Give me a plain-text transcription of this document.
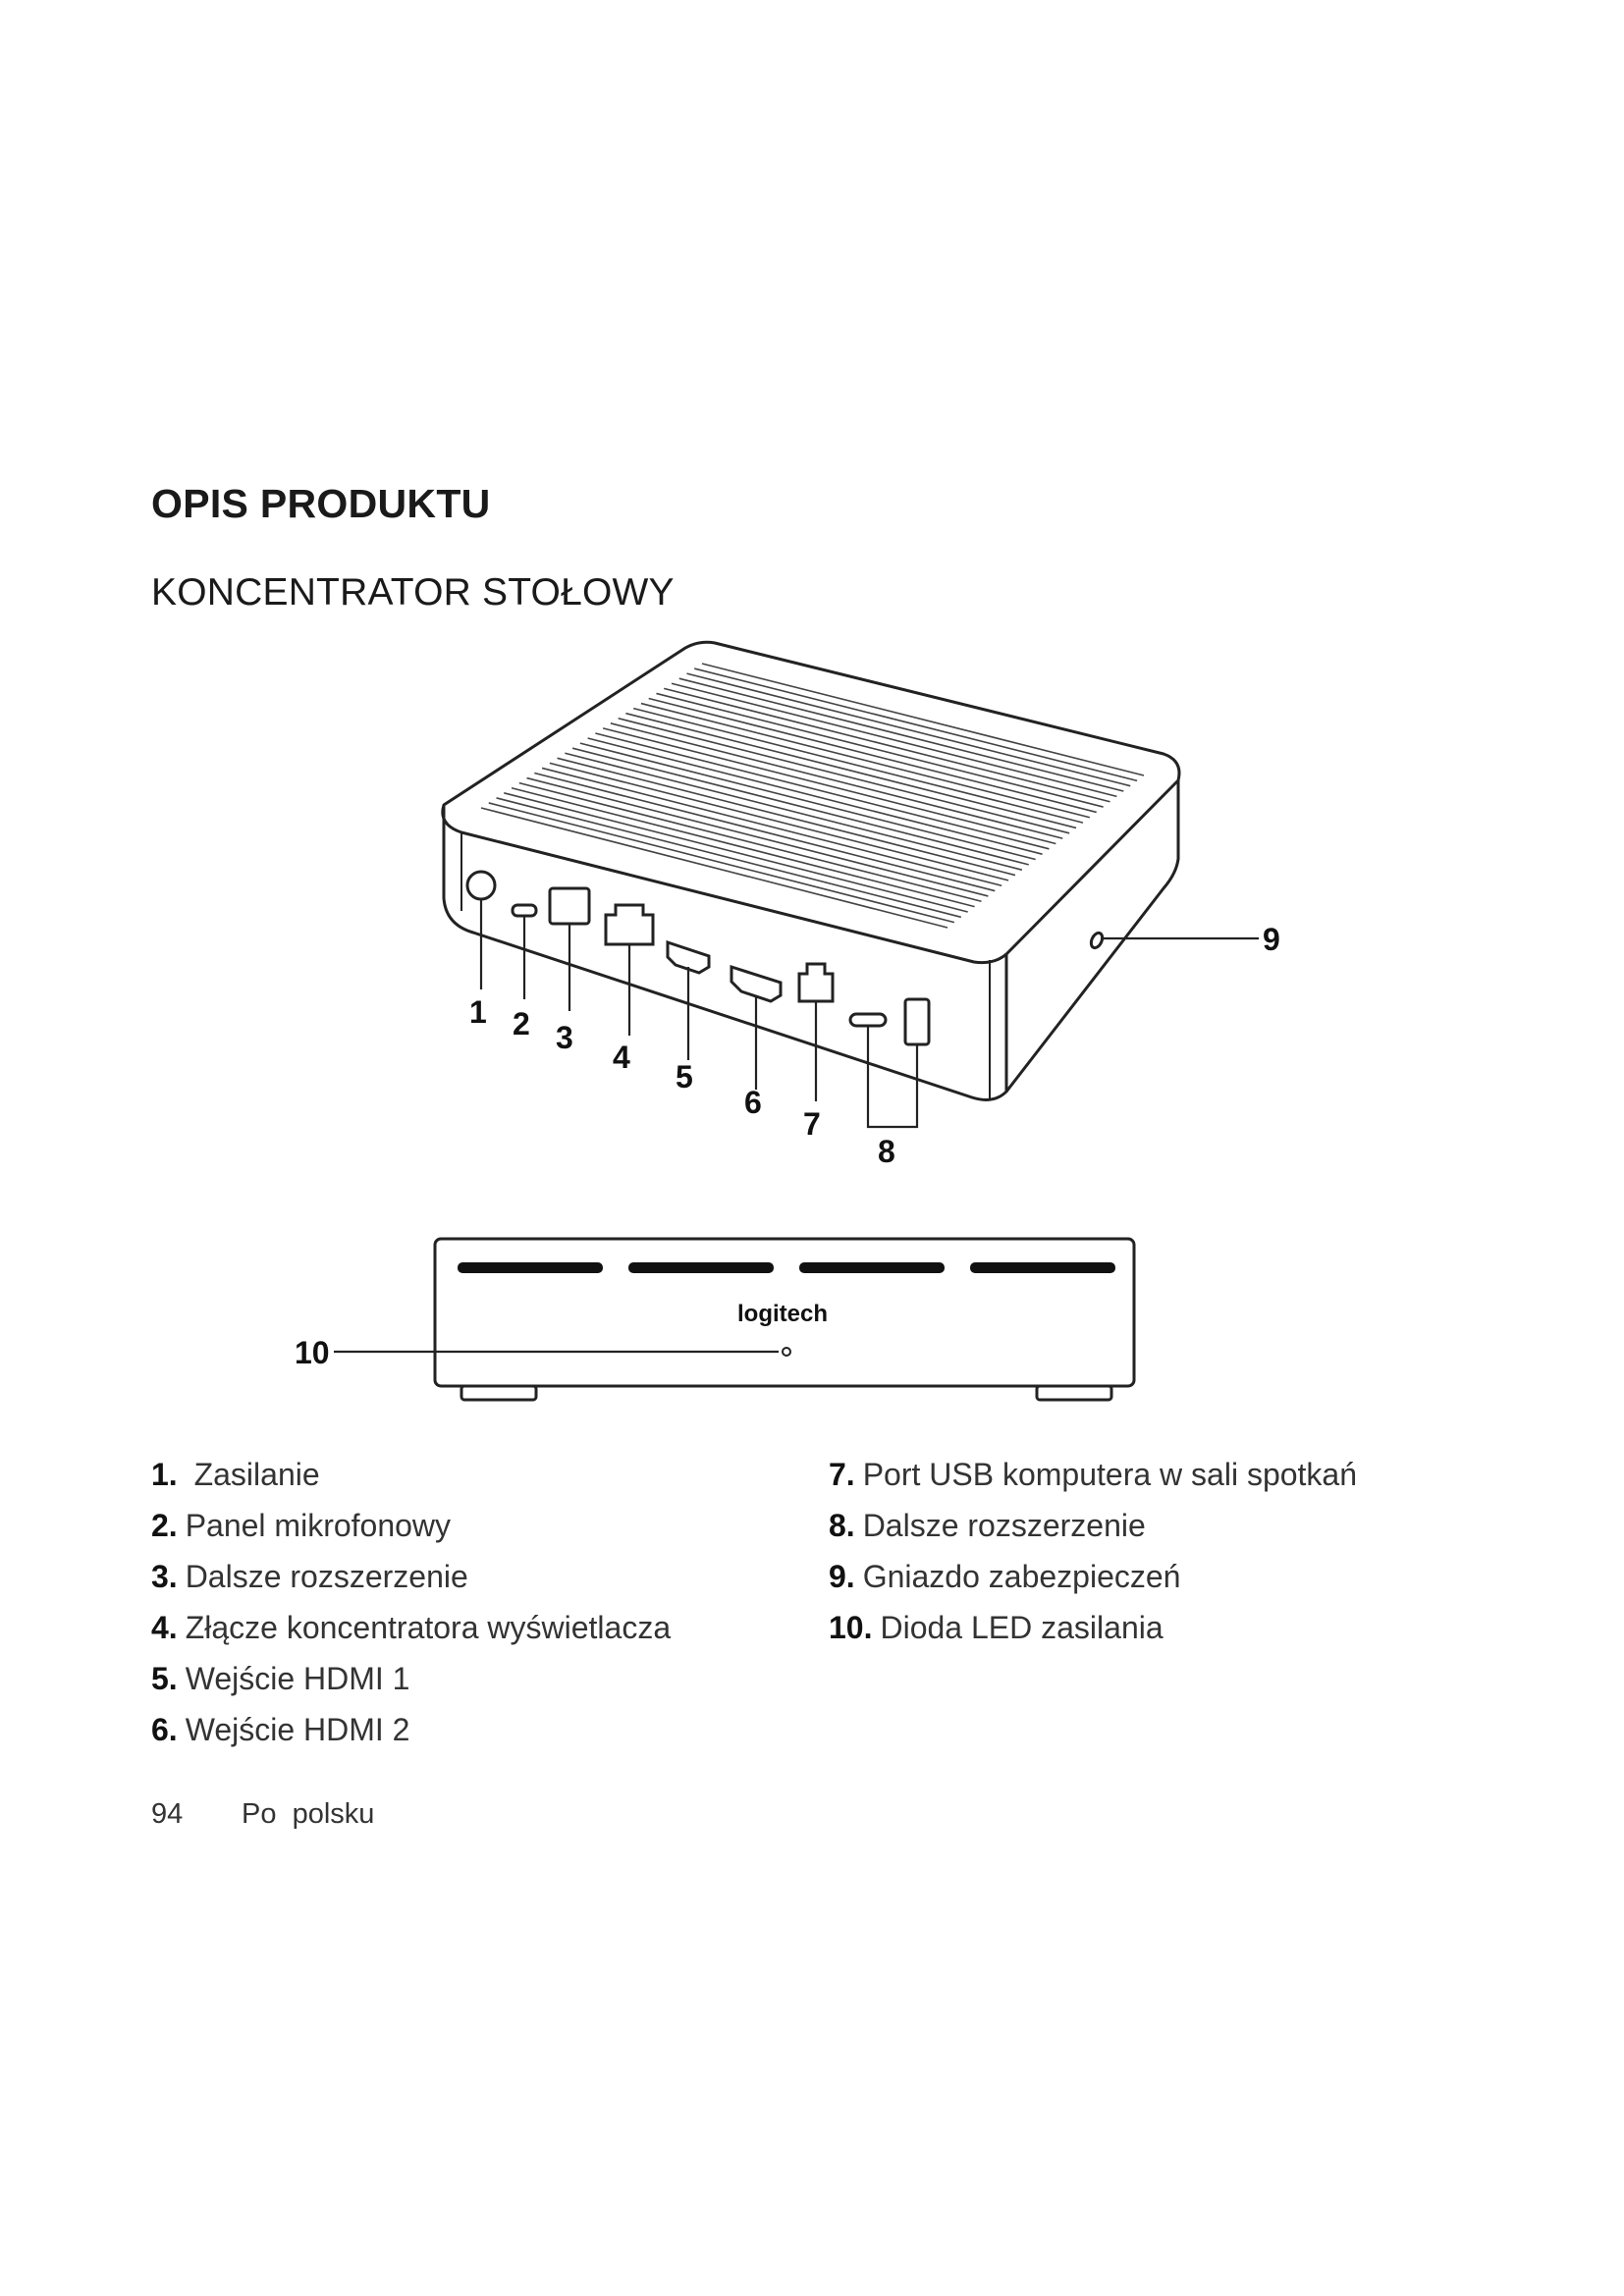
OPIS PRODUKTU
KONCENTRATOR STOŁOWY
1 2 3
4
5
6
7
8
9
logitech
10
1. Zasilanie
2. Panel mikrofonowy
3. Dalsze rozszerzenie
4. Złącze koncentratora wyświetlacza
5. Wejście HDMI 1
6. Wejście HDMI 2
7. Port USB komputera w sali spotkań
8. Dalsze rozszerzenie
9. Gniazdo zabezpieczeń
10. Dioda LED zasilania
94 Po  polsku
